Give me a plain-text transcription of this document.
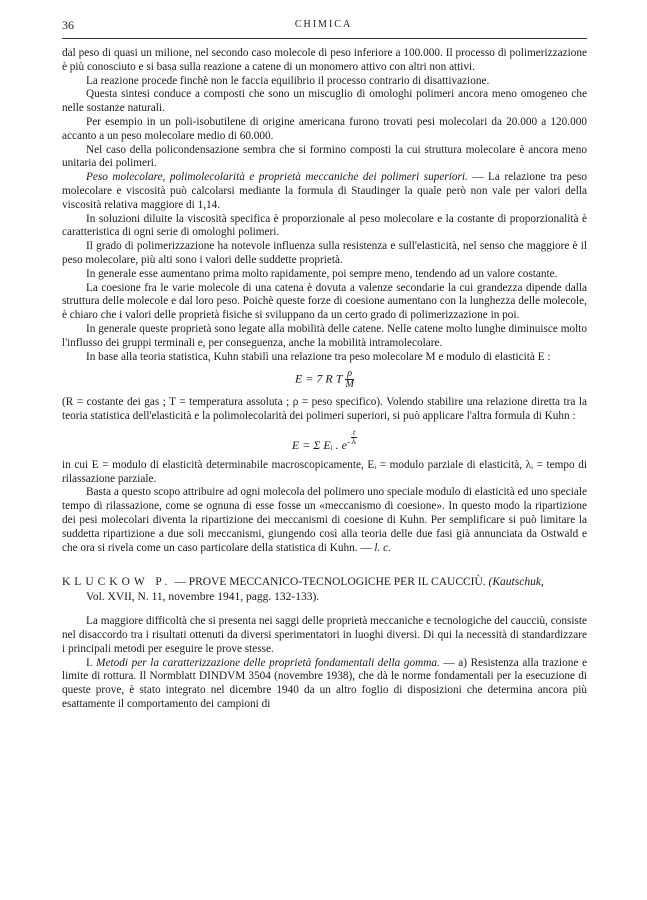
36	CHIMICA

dal peso di quasi un milione, nel secondo caso molecole di peso inferiore a 100.000. Il processo di polimerizzazione è più conosciuto e si basa sulla reazione a catene di un monomero attivo con altri non attivi.

La reazione procede finchè non le faccia equilibrio il processo contrario di disattivazione.

Questa sintesi conduce a composti che sono un miscuglio di omologhi polimeri ancora meno omogeneo che nelle sostanze naturali.

Per esempio in un poli-isobutilene di origine americana furono trovati pesi molecolari da 20.000 a 120.000 accanto a un peso molecolare medio di 60.000.

Nel caso della policondensazione sembra che si formino composti la cui struttura molecolare è ancora meno unitaria dei polimeri.

Peso molecolare, polimolecolarità e proprietà meccaniche dei polimeri superiori. — La relazione tra peso molecolare e viscosità può calcolarsi mediante la formula di Staudinger la quale però non vale per valori della viscosità relativa maggiore di 1,14.

In soluzioni diluite la viscosità specifica è proporzionale al peso molecolare e la costante di proporzionalità è caratteristica di ogni serie di omologhi polimeri.

Il grado di polimerizzazione ha notevole influenza sulla resistenza e sull'elasticità, nel senso che maggiore è il peso molecolare, più alti sono i valori delle suddette proprietà.

In generale esse aumentano prima molto rapidamente, poi sempre meno, tendendo ad un valore costante.

La coesione fra le varie molecole di una catena è dovuta a valenze secondarie la cui grandezza dipende dalla struttura delle molecole e dal loro peso. Poichè queste forze di coesione aumentano con la lunghezza delle molecole, è chiaro che i valori delle proprietà fisiche si sviluppano da un certo grado di polimerizzazione in poi.

In generale queste proprietà sono legate alla mobilità delle catene. Nelle catene molto lunghe diminuisce molto l'influsso dei gruppi terminali e, per conseguenza, anche la mobilità intramolecolare.

In base alla teoria statistica, Kuhn stabilì una relazione tra peso molecolare M e modulo di elasticità E :

E = 7 R T $\frac{\rho}{M}$

(R = costante dei gas ; T = temperatura assoluta ; ρ = peso specifico). Volendo stabilire una relazione diretta tra la teoria statistica dell'elasticità e la polimolecolarità dei polimeri superiori, si può applicare l'altra formula di Kuhn :

E = Σ Eᵢ . $e^- \frac{t}{\text{λᵢ}}$

in cui E = modulo di elasticità determinabile macroscopicamente, Eᵢ = modulo parziale di elasticità, λᵢ = tempo di rilassazione parziale.

Basta a questo scopo attribuire ad ogni molecola del polimero uno speciale modulo di elasticità ed uno speciale tempo di rilassazione, come se ognuna di esse fosse un «meccanismo di coesione». In questo modo la ripartizione dei pesi molecolari diventa la ripartizione dei meccanismi di coesione di Kuhn. Per semplificare si può limitare la suddetta ripartizione a due soli meccanismi, giungendo così alla teoria delle due fasi già annunciata da Ostwald e che ora si rivela come un caso particolare della statistica di Kuhn. — l. c.

KLUCKOW P. — PROVE MECCANICO-TECNOLOGICHE PER IL CAUCCIÙ. (Kautschuk,
Vol. XVII, N. 11, novembre 1941, pagg. 132-133).

La maggiore difficoltà che si presenta nei saggi delle proprietà meccaniche e tecnologiche del caucciù, consiste nel disaccordo tra i risultati ottenuti da diversi sperimentatori in luoghi diversi. Di qui la necessità di standardizzare i principali metodi per eseguire le prove stesse.

I. Metodi per la caratterizzazione delle proprietà fondamentali della gomma. — a) Resistenza alla trazione e limite di rottura. Il Normblatt DINDVM 3504 (novembre 1938), che dà le norme fondamentali per la esecuzione di queste prove, è stato integrato nel dicembre 1940 da un altro foglio di disposizioni che determina ancora più esattamente il comportamento dei campioni di
